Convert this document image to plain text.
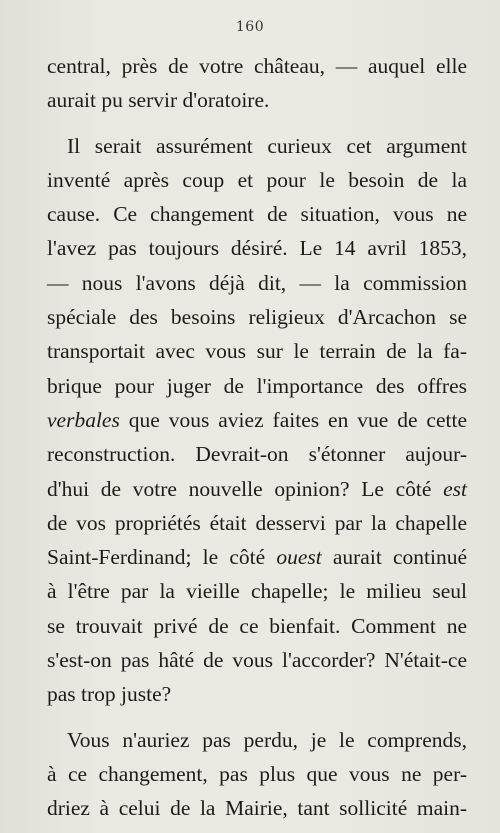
160
central, près de votre château, — auquel elle
aurait pu servir d'oratoire.
Il serait assurément curieux cet argument
inventé après coup et pour le besoin de la
cause. Ce changement de situation, vous ne
l'avez pas toujours désiré. Le 14 avril 1853,
— nous l'avons déjà dit, — la commission
spéciale des besoins religieux d'Arcachon se
transportait avec vous sur le terrain de la fa-
brique pour juger de l'importance des offres
verbales que vous aviez faites en vue de cette
reconstruction. Devrait-on s'étonner aujour-
d'hui de votre nouvelle opinion? Le côté est
de vos propriétés était desservi par la chapelle
Saint-Ferdinand; le côté ouest aurait continué
à l'être par la vieille chapelle; le milieu seul
se trouvait privé de ce bienfait. Comment ne
s'est-on pas hâté de vous l'accorder? N'était-ce
pas trop juste?
Vous n'auriez pas perdu, je le comprends,
à ce changement, pas plus que vous ne per-
driez à celui de la Mairie, tant sollicité main-
